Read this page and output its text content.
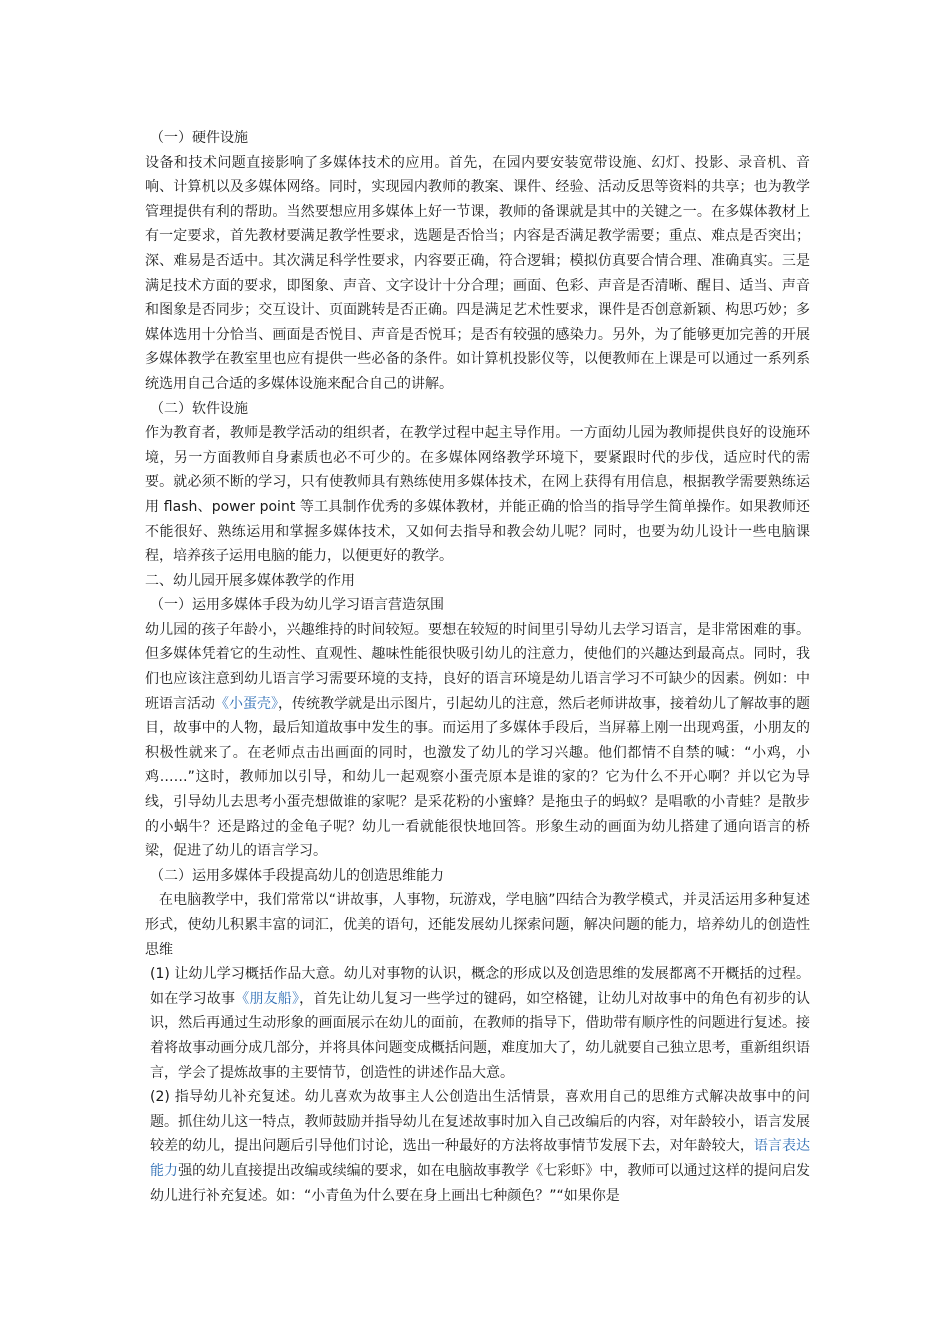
（一）硬件设施

设备和技术问题直接影响了多媒体技术的应用。首先，在园内要安装宽带设施、幻灯、投影、录音机、音响、计算机以及多媒体网络。同时，实现园内教师的教案、课件、经验、活动反思等资料的共享；也为教学管理提供有利的帮助。当然要想应用多媒体上好一节课，教师的备课就是其中的关键之一。在多媒体教材上有一定要求，首先教材要满足教学性要求，选题是否恰当；内容是否满足教学需要；重点、难点是否突出；深、难易是否适中。其次满足科学性要求，内容要正确，符合逻辑；模拟仿真要合情合理、准确真实。三是满足技术方面的要求，即图象、声音、文字设计十分合理；画面、色彩、声音是否清晰、醒目、适当、声音和图象是否同步；交互设计、页面跳转是否正确。四是满足艺术性要求，课件是否创意新颖、构思巧妙；多媒体选用十分恰当、画面是否悦目、声音是否悦耳；是否有较强的感染力。另外，为了能够更加完善的开展多媒体教学在教室里也应有提供一些必备的条件。如计算机投影仪等，以便教师在上课是可以通过一系列系统选用自己合适的多媒体设施来配合自己的讲解。

（二）软件设施

作为教育者，教师是教学活动的组织者，在教学过程中起主导作用。一方面幼儿园为教师提供良好的设施环境，另一方面教师自身素质也必不可少的。在多媒体网络教学环境下，要紧跟时代的步伐，适应时代的需要。就必须不断的学习，只有使教师具有熟练使用多媒体技术，在网上获得有用信息，根据教学需要熟练运用 flash、power point 等工具制作优秀的多媒体教材，并能正确的恰当的指导学生简单操作。如果教师还不能很好、熟练运用和掌握多媒体技术，又如何去指导和教会幼儿呢？同时，也要为幼儿设计一些电脑课程，培养孩子运用电脑的能力，以便更好的教学。

二、幼儿园开展多媒体教学的作用

（一）运用多媒体手段为幼儿学习语言营造氛围

幼儿园的孩子年龄小，兴趣维持的时间较短。要想在较短的时间里引导幼儿去学习语言，是非常困难的事。但多媒体凭着它的生动性、直观性、趣味性能很快吸引幼儿的注意力，使他们的兴趣达到最高点。同时，我们也应该注意到幼儿语言学习需要环境的支持，良好的语言环境是幼儿语言学习不可缺少的因素。例如：中班语言活动《小蛋壳》，传统教学就是出示图片，引起幼儿的注意，然后老师讲故事，接着幼儿了解故事的题目，故事中的人物，最后知道故事中发生的事。而运用了多媒体手段后，当屏幕上刚一出现鸡蛋，小朋友的积极性就来了。在老师点击出画面的同时，也激发了幼儿的学习兴趣。他们都情不自禁的喊：“小鸡，小鸡……”这时，教师加以引导，和幼儿一起观察小蛋壳原本是谁的家的？它为什么不开心啊？并以它为导线，引导幼儿去思考小蛋壳想做谁的家呢？是采花粉的小蜜蜂？是拖虫子的蚂蚁？是唱歌的小青蛙？是散步的小蜗牛？还是路过的金龟子呢？幼儿一看就能很快地回答。形象生动的画面为幼儿搭建了通向语言的桥梁，促进了幼儿的语言学习。

（二）运用多媒体手段提高幼儿的创造思维能力

在电脑教学中，我们常常以“讲故事，人事物，玩游戏，学电脑”四结合为教学模式，并灵活运用多种复述形式，使幼儿积累丰富的词汇，优美的语句，还能发展幼儿探索问题，解决问题的能力，培养幼儿的创造性思维

(1) 让幼儿学习概括作品大意。幼儿对事物的认识，概念的形成以及创造思维的发展都离不开概括的过程。如在学习故事《朋友船》，首先让幼儿复习一些学过的键码，如空格键，让幼儿对故事中的角色有初步的认识，然后再通过生动形象的画面展示在幼儿的面前，在教师的指导下，借助带有顺序性的问题进行复述。接着将故事动画分成几部分，并将具体问题变成概括问题，难度加大了，幼儿就要自己独立思考，重新组织语言，学会了提炼故事的主要情节，创造性的讲述作品大意。

(2) 指导幼儿补充复述。幼儿喜欢为故事主人公创造出生活情景，喜欢用自己的思维方式解决故事中的问题。抓住幼儿这一特点，教师鼓励并指导幼儿在复述故事时加入自己改编后的内容，对年龄较小，语言发展较差的幼儿，提出问题后引导他们讨论，选出一种最好的方法将故事情节发展下去，对年龄较大，语言表达能力强的幼儿直接提出改编或续编的要求，如在电脑故事教学《七彩虾》中，教师可以通过这样的提问启发幼儿进行补充复述。如：“小青鱼为什么要在身上画出七种颜色？”“如果你是
